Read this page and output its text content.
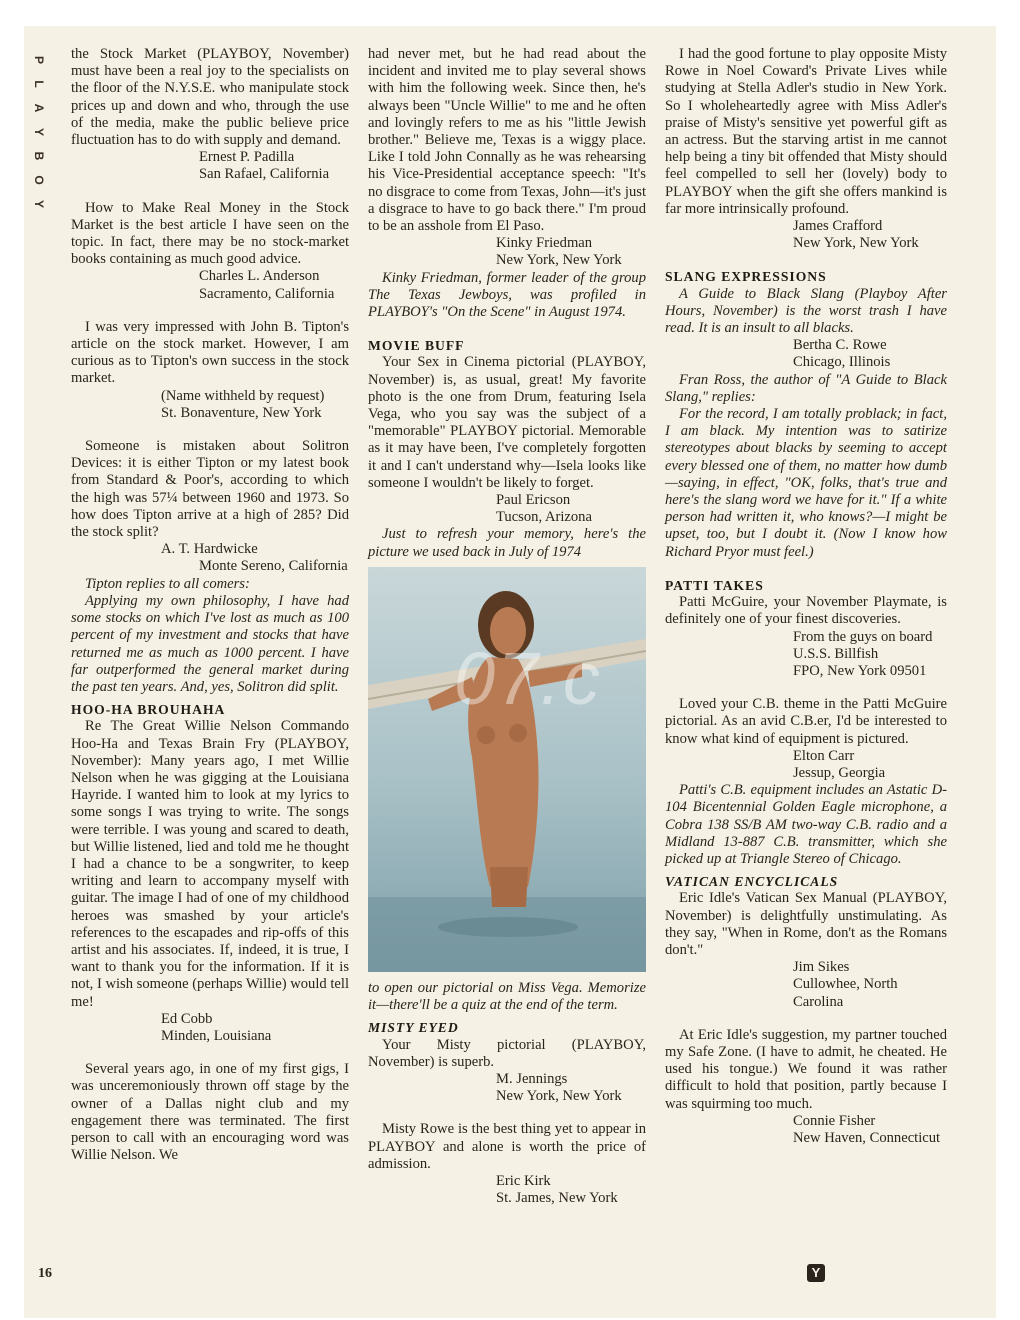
P
L
A
Y
B
O
Y

the Stock Market (PLAYBOY, November) must have been a real joy to the specialists on the floor of the N.Y.S.E. who manipulate stock prices up and down and who, through the use of the media, make the public believe price fluctuation has to do with supply and demand.

Ernest P. Padilla

San Rafael, California

How to Make Real Money in the Stock Market is the best article I have seen on the topic. In fact, there may be no stock-market books containing as much good advice.

Charles L. Anderson

Sacramento, California

I was very impressed with John B. Tipton's article on the stock market. However, I am curious as to Tipton's own success in the stock market.

(Name withheld by request)

St. Bonaventure, New York

Someone is mistaken about Solitron Devices: it is either Tipton or my latest book from Standard & Poor's, according to which the high was 57¼ between 1960 and 1973. So how does Tipton arrive at a high of 285? Did the stock split?

A. T. Hardwicke

Monte Sereno, California

Tipton replies to all comers:

Applying my own philosophy, I have had some stocks on which I've lost as much as 100 percent of my investment and stocks that have returned me as much as 1000 percent. I have far outperformed the general market during the past ten years. And, yes, Solitron did split.

HOO-HA BROUHAHA

Re The Great Willie Nelson Commando Hoo-Ha and Texas Brain Fry (PLAYBOY, November): Many years ago, I met Willie Nelson when he was gigging at the Louisiana Hayride. I wanted him to look at my lyrics to some songs I was trying to write. The songs were terrible. I was young and scared to death, but Willie listened, lied and told me he thought I had a chance to be a songwriter, to keep writing and learn to accompany myself with guitar. The image I had of one of my childhood heroes was smashed by your article's references to the escapades and rip-offs of this artist and his associates. If, indeed, it is true, I want to thank you for the information. If it is not, I wish someone (perhaps Willie) would tell me!

Ed Cobb

Minden, Louisiana

Several years ago, in one of my first gigs, I was unceremoniously thrown off stage by the owner of a Dallas night club and my engagement there was terminated. The first person to call with an encouraging word was Willie Nelson. We

had never met, but he had read about the incident and invited me to play several shows with him the following week. Since then, he's always been "Uncle Willie" to me and he often and lovingly refers to me as his "little Jewish brother." Believe me, Texas is a wiggy place. Like I told John Connally as he was rehearsing his Vice-Presidential acceptance speech: "It's no disgrace to come from Texas, John—it's just a disgrace to have to go back there." I'm proud to be an asshole from El Paso.

Kinky Friedman

New York, New York

Kinky Friedman, former leader of the group The Texas Jewboys, was profiled in PLAYBOY's "On the Scene" in August 1974.

MOVIE BUFF

Your Sex in Cinema pictorial (PLAYBOY, November) is, as usual, great! My favorite photo is the one from Drum, featuring Isela Vega, who you say was the subject of a "memorable" PLAYBOY pictorial. Memorable as it may have been, I've completely forgotten it and I can't understand why—Isela looks like someone I wouldn't be likely to forget.

Paul Ericson

Tucson, Arizona

Just to refresh your memory, here's the picture we used back in July of 1974

to open our pictorial on Miss Vega. Memorize it—there'll be a quiz at the end of the term.

MISTY EYED

Your Misty pictorial (PLAYBOY, November) is superb.

M. Jennings

New York, New York

Misty Rowe is the best thing yet to appear in PLAYBOY and alone is worth the price of admission.

Eric Kirk

St. James, New York

I had the good fortune to play opposite Misty Rowe in Noel Coward's Private Lives while studying at Stella Adler's studio in New York. So I wholeheartedly agree with Miss Adler's praise of Misty's sensitive yet powerful gift as an actress. But the starving artist in me cannot help being a tiny bit offended that Misty should feel compelled to sell her (lovely) body to PLAYBOY when the gift she offers mankind is far more intrinsically profound.

James Crafford

New York, New York

SLANG EXPRESSIONS

A Guide to Black Slang (Playboy After Hours, November) is the worst trash I have read. It is an insult to all blacks.

Bertha C. Rowe

Chicago, Illinois

Fran Ross, the author of "A Guide to Black Slang," replies:

For the record, I am totally problack; in fact, I am black. My intention was to satirize stereotypes about blacks by seeming to accept every blessed one of them, no matter how dumb—saying, in effect, "OK, folks, that's true and here's the slang word we have for it." If a white person had written it, who knows?—I might be upset, too, but I doubt it. (Now I know how Richard Pryor must feel.)

PATTI TAKES

Patti McGuire, your November Playmate, is definitely one of your finest discoveries.

From the guys on board

U.S.S. Billfish

FPO, New York 09501

Loved your C.B. theme in the Patti McGuire pictorial. As an avid C.B.er, I'd be interested to know what kind of equipment is pictured.

Elton Carr

Jessup, Georgia

Patti's C.B. equipment includes an Astatic D-104 Bicentennial Golden Eagle microphone, a Cobra 138 SS/B AM two-way C.B. radio and a Midland 13-887 C.B. transmitter, which she picked up at Triangle Stereo of Chicago.

VATICAN ENCYCLICALS

Eric Idle's Vatican Sex Manual (PLAYBOY, November) is delightfully unstimulating. As they say, "When in Rome, don't as the Romans don't."

Jim Sikes

Cullowhee, North Carolina

At Eric Idle's suggestion, my partner touched my Safe Zone. (I have to admit, he cheated. He used his tongue.) We found it was rather difficult to hold that position, partly because I was squirming too much.

Connie Fisher

New Haven, Connecticut

07.c
16	Y
